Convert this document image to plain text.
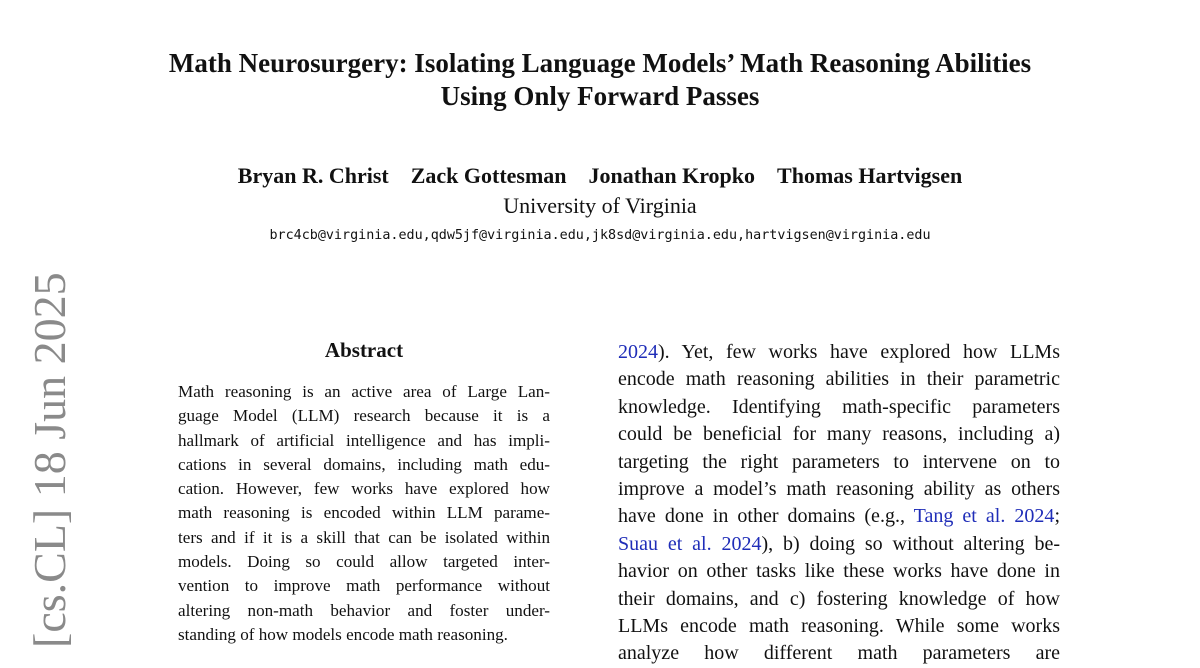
Math Neurosurgery: Isolating Language Models’ Math Reasoning Abilities
Using Only Forward Passes
Bryan R. Christ Zack Gottesman Jonathan Kropko Thomas Hartvigsen
University of Virginia
brc4cb@virginia.edu,qdw5jf@virginia.edu,jk8sd@virginia.edu,hartvigsen@virginia.edu
Abstract
Math reasoning is an active area of Large Lan-
guage Model (LLM) research because it is a
hallmark of artificial intelligence and has impli-
cations in several domains, including math edu-
cation. However, few works have explored how
math reasoning is encoded within LLM parame-
ters and if it is a skill that can be isolated within
models. Doing so could allow targeted inter-
vention to improve math performance without
altering non-math behavior and foster under-
standing of how models encode math reasoning.
2024). Yet, few works have explored how LLMs
encode math reasoning abilities in their parametric
knowledge. Identifying math-specific parameters
could be beneficial for many reasons, including a)
targeting the right parameters to intervene on to
improve a model’s math reasoning ability as others
have done in other domains (e.g., Tang et al. 2024;
Suau et al. 2024), b) doing so without altering be-
havior on other tasks like these works have done in
their domains, and c) fostering knowledge of how
LLMs encode math reasoning. While some works
analyze how different math parameters are
[cs.CL] 18 Jun 2025
